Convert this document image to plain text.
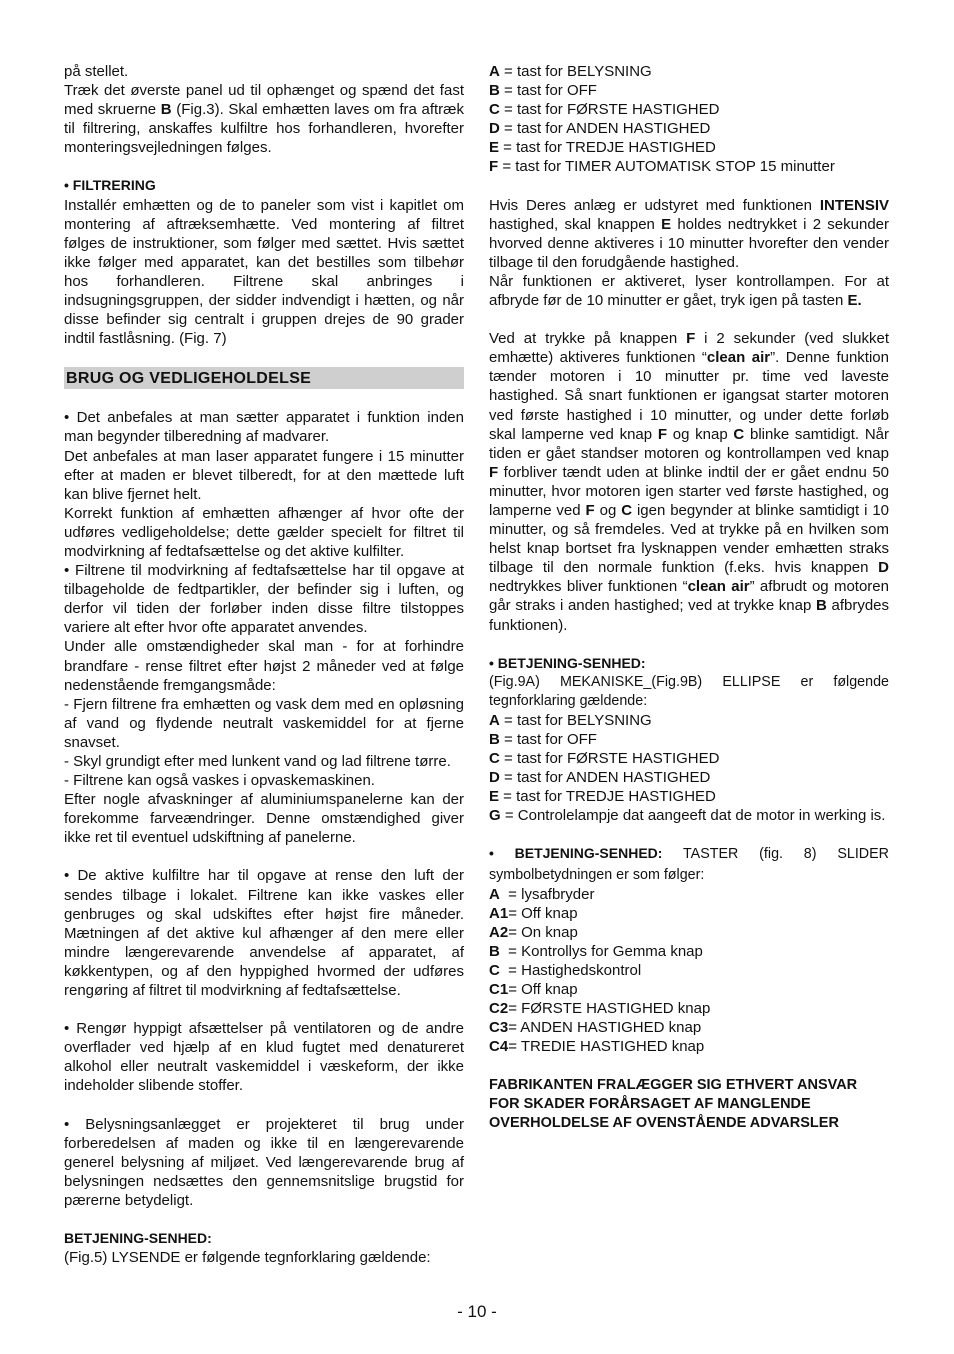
på stellet.

Træk det øverste panel ud til ophænget og spænd det fast med skruerne B (Fig.3). Skal emhætten laves om fra aftræk til filtrering, anskaffes kulfiltre hos forhandleren, hvorefter monteringsvejledningen følges.

• FILTRERING

Installér emhætten og de to paneler som vist i kapitlet om montering af aftræksemhætte. Ved montering af filtret følges de instruktioner, som følger med sættet. Hvis sættet ikke følger med apparatet, kan det bestilles som tilbehør hos forhandleren. Filtrene skal anbringes i indsugningsgruppen, der sidder indvendigt i hætten, og når disse befinder sig centralt i gruppen drejes de 90 grader indtil fastlåsning. (Fig. 7)

BRUG OG VEDLIGEHOLDELSE

• Det anbefales at man sætter apparatet i funktion inden man begynder tilberedning af madvarer.

Det anbefales at man laser apparatet fungere i 15 minutter efter at maden er blevet tilberedt, for at den mættede luft kan blive fjernet helt.

Korrekt funktion af emhætten afhænger af hvor ofte der udføres vedligeholdelse; dette gælder specielt for filtret til modvirkning af fedtafsættelse og det aktive kulfilter.

• Filtrene til modvirkning af fedtafsættelse har til opgave at tilbageholde de fedtpartikler, der befinder sig i luften, og derfor vil tiden der forløber inden disse filtre tilstoppes variere alt efter hvor ofte apparatet anvendes.

Under alle omstændigheder skal man - for at forhindre brandfare - rense filtret efter højst 2 måneder ved at følge nedenstående fremgangsmåde:

- Fjern filtrene fra emhætten og vask dem med en opløsning af vand og flydende neutralt vaskemiddel for at fjerne snavset.

- Skyl grundigt efter med lunkent vand og lad filtrene tørre.

- Filtrene kan også vaskes i opvaskemaskinen.

Efter nogle afvaskninger af aluminiumspanelerne kan der forekomme farveændringer. Denne omstændighed giver ikke ret til eventuel udskiftning af panelerne.

• De aktive kulfiltre har til opgave at rense den luft der sendes tilbage i lokalet. Filtrene kan ikke vaskes eller genbruges og skal udskiftes efter højst fire måneder. Mætningen af det aktive kul afhænger af den mere eller mindre længerevarende anvendelse af apparatet, af køkkentypen, og af den hyppighed hvormed der udføres rengøring af filtret til modvirkning af fedtafsættelse.

• Rengør hyppigt afsættelser på ventilatoren og de andre overflader ved hjælp af en klud fugtet med denatureret alkohol eller neutralt vaskemiddel i væskeform, der ikke indeholder slibende stoffer.

• Belysningsanlægget er projekteret til brug under forberedelsen af maden og ikke til en længerevarende generel belysning af miljøet. Ved længerevarende brug af belysningen nedsættes den gennemsnitslige brugstid for pærerne betydeligt.

BETJENING-SENHED:

(Fig.5) LYSENDE er følgende tegnforklaring gældende:

A = tast for BELYSNING

B = tast for OFF

C = tast for FØRSTE HASTIGHED

D = tast for ANDEN HASTIGHED

E = tast for TREDJE HASTIGHED

F = tast for TIMER AUTOMATISK STOP 15 minutter

Hvis Deres anlæg er udstyret med funktionen INTENSIV hastighed, skal knappen E holdes nedtrykket i 2 sekunder hvorved denne aktiveres i 10 minutter hvorefter den vender tilbage til den forudgående hastighed.

Når funktionen er aktiveret, lyser kontrollampen. For at afbryde før de 10 minutter er gået, tryk igen på tasten E.

Ved at trykke på knappen F i 2 sekunder (ved slukket emhætte) aktiveres funktionen “clean air”. Denne funktion tænder motoren i 10 minutter pr. time ved laveste hastighed. Så snart funktionen er igangsat starter motoren ved første hastighed i 10 minutter, og under dette forløb skal lamperne ved knap F og knap C blinke samtidigt. Når tiden er gået standser motoren og kontrollampen ved knap F forbliver tændt uden at blinke indtil der er gået endnu 50 minutter, hvor motoren igen starter ved første hastighed, og lamperne ved F og C igen begynder at blinke samtidigt i 10 minutter, og så fremdeles. Ved at trykke på en hvilken som helst knap bortset fra lysknappen vender emhætten straks tilbage til den normale funktion (f.eks. hvis knappen D nedtrykkes bliver funktionen “clean air” afbrudt og motoren går straks i anden hastighed; ved at trykke knap B afbrydes funktionen).

• BETJENING-SENHED:

(Fig.9A) MEKANISKE_(Fig.9B) ELLIPSE er følgende tegnforklaring gældende:

A = tast for BELYSNING

B = tast for OFF

C = tast for FØRSTE HASTIGHED

D = tast for ANDEN HASTIGHED

E = tast for TREDJE HASTIGHED

G = Controlelampje dat aangeeft dat de motor in werking is.

• BETJENING-SENHED: TASTER (fig. 8) SLIDER symbolbetydningen er som følger:

A  = lysafbryder

A1= Off knap

A2= On knap

B  = Kontrollys for Gemma knap

C  = Hastighedskontrol

C1= Off knap

C2= FØRSTE HASTIGHED knap

C3= ANDEN HASTIGHED knap

C4= TREDIE HASTIGHED knap

FABRIKANTEN FRALÆGGER SIG ETHVERT ANSVAR FOR SKADER FORÅRSAGET AF MANGLENDE OVERHOLDELSE AF OVENSTÅENDE ADVARSLER

- 10 -
